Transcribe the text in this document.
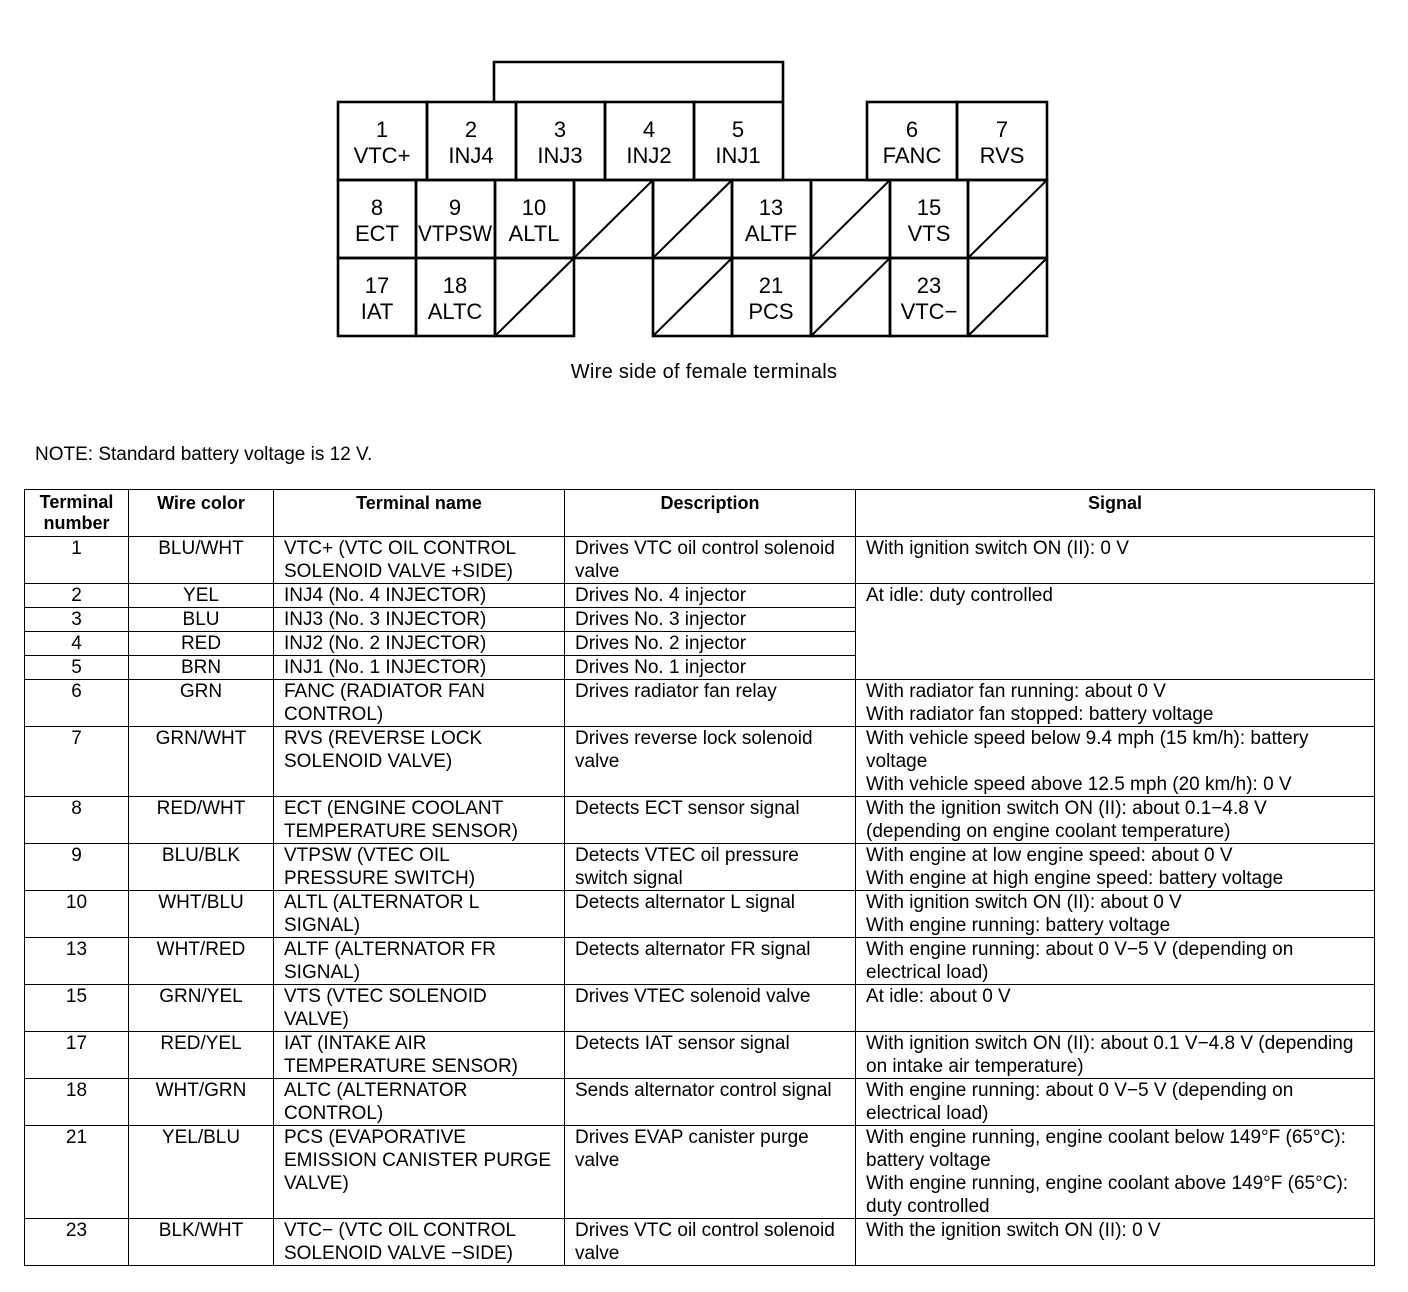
1
VTC+
2
INJ4
3
INJ3
4
INJ2
5
INJ1
6
FANC
7
RVS
8
ECT
9
VTPSW
10
ALTL
13
ALTF
15
VTS
17
IAT
18
ALTC
21
PCS
23
VTC−
Wire side of female terminals
NOTE: Standard battery voltage is 12 V.
Terminal number	Wire color	Terminal name	Description	Signal
1	BLU/WHT	VTC+ (VTC OIL CONTROL SOLENOID VALVE +SIDE)	Drives VTC oil control solenoid valve	With ignition switch ON (II): 0 V
2	YEL	INJ4 (No. 4 INJECTOR)	Drives No. 4 injector	At idle: duty controlled
3	BLU	INJ3 (No. 3 INJECTOR)	Drives No. 3 injector	
4	RED	INJ2 (No. 2 INJECTOR)	Drives No. 2 injector	
5	BRN	INJ1 (No. 1 INJECTOR)	Drives No. 1 injector	
6	GRN	FANC (RADIATOR FAN CONTROL)	Drives radiator fan relay	With radiator fan running: about 0 V
With radiator fan stopped: battery voltage
7	GRN/WHT	RVS (REVERSE LOCK SOLENOID VALVE)	Drives reverse lock solenoid valve	With vehicle speed below 9.4 mph (15 km/h): battery voltage
With vehicle speed above 12.5 mph (20 km/h): 0 V
8	RED/WHT	ECT (ENGINE COOLANT TEMPERATURE SENSOR)	Detects ECT sensor signal	With the ignition switch ON (II): about 0.1−4.8 V (depending on engine coolant temperature)
9	BLU/BLK	VTPSW (VTEC OIL PRESSURE SWITCH)	Detects VTEC oil pressure switch signal	With engine at low engine speed: about 0 V
With engine at high engine speed: battery voltage
10	WHT/BLU	ALTL (ALTERNATOR L SIGNAL)	Detects alternator L signal	With ignition switch ON (II): about 0 V
With engine running: battery voltage
13	WHT/RED	ALTF (ALTERNATOR FR SIGNAL)	Detects alternator FR signal	With engine running: about 0 V−5 V (depending on electrical load)
15	GRN/YEL	VTS (VTEC SOLENOID VALVE)	Drives VTEC solenoid valve	At idle: about 0 V
17	RED/YEL	IAT (INTAKE AIR TEMPERATURE SENSOR)	Detects IAT sensor signal	With ignition switch ON (II): about 0.1 V−4.8 V (depending on intake air temperature)
18	WHT/GRN	ALTC (ALTERNATOR CONTROL)	Sends alternator control signal	With engine running: about 0 V−5 V (depending on electrical load)
21	YEL/BLU	PCS (EVAPORATIVE EMISSION CANISTER PURGE VALVE)	Drives EVAP canister purge valve	With engine running, engine coolant below 149°F (65°C): battery voltage
With engine running, engine coolant above 149°F (65°C): duty controlled
23	BLK/WHT	VTC− (VTC OIL CONTROL SOLENOID VALVE −SIDE)	Drives VTC oil control solenoid valve	With the ignition switch ON (II): 0 V
